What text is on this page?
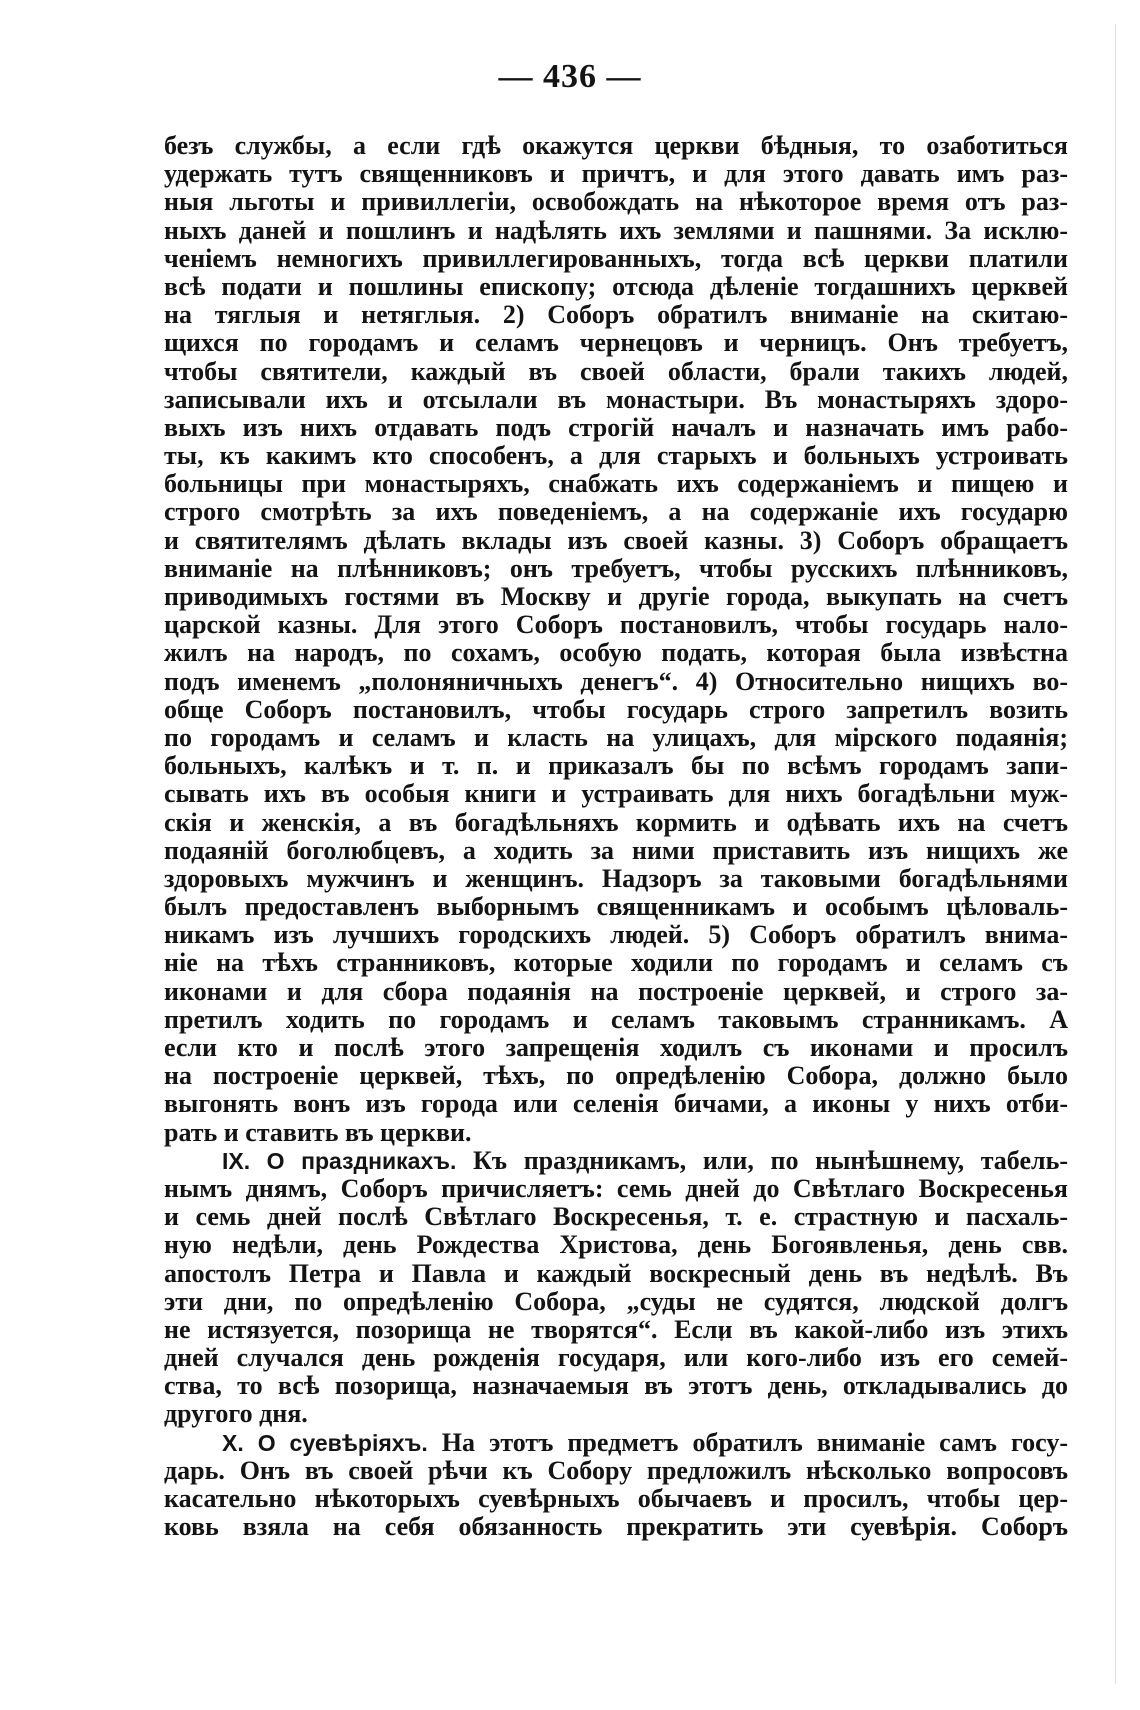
— 436 —
безъ службы, а если гдѣ окажутся церкви бѣдныя, то озаботиться
удержать тутъ священниковъ и причтъ, и для этого давать имъ раз-
ныя льготы и привиллегіи, освобождать на нѣкоторое время отъ раз-
ныхъ даней и пошлинъ и надѣлять ихъ землями и пашнями. За исклю-
ченіемъ немногихъ привиллегированныхъ, тогда всѣ церкви платили
всѣ подати и пошлины епископу; отсюда дѣленіе тогдашнихъ церквей
на тяглыя и нетяглыя. 2) Соборъ обратилъ вниманіе на скитаю-
щихся по городамъ и селамъ чернецовъ и черницъ. Онъ требуетъ,
чтобы святители, каждый въ своей области, брали такихъ людей,
записывали ихъ и отсылали въ монастыри. Въ монастыряхъ здоро-
выхъ изъ нихъ отдавать подъ строгій началъ и назначать имъ рабо-
ты, къ какимъ кто способенъ, а для старыхъ и больныхъ устроивать
больницы при монастыряхъ, снабжать ихъ содержаніемъ и пищею и
строго смотрѣть за ихъ поведеніемъ, а на содержаніе ихъ государю
и святителямъ дѣлать вклады изъ своей казны. 3) Соборъ обращаетъ
вниманіе на плѣнниковъ; онъ требуетъ, чтобы русскихъ плѣнниковъ,
приводимыхъ гостями въ Москву и другіе города, выкупать на счетъ
царской казны. Для этого Соборъ постановилъ, чтобы государь нало-
жилъ на народъ, по сохамъ, особую подать, которая была извѣстна
подъ именемъ „полоняничныхъ денегъ“. 4) Относительно нищихъ во-
обще Соборъ постановилъ, чтобы государь строго запретилъ возить
по городамъ и селамъ и класть на улицахъ, для мірского подаянія;
больныхъ, калѣкъ и т. п. и приказалъ бы по всѣмъ городамъ запи-
сывать ихъ въ особыя книги и устраивать для нихъ богадѣльни муж-
скія и женскія, а въ богадѣльняхъ кормить и одѣвать ихъ на счетъ
подаяній боголюбцевъ, а ходить за ними приставить изъ нищихъ же
здоровыхъ мужчинъ и женщинъ. Надзоръ за таковыми богадѣльнями
былъ предоставленъ выборнымъ священникамъ и особымъ цѣловаль-
никамъ изъ лучшихъ городскихъ людей. 5) Соборъ обратилъ внима-
ніе на тѣхъ странниковъ, которые ходили по городамъ и селамъ съ
иконами и для сбора подаянія на построеніе церквей, и строго за-
претилъ ходить по городамъ и селамъ таковымъ странникамъ. А
если кто и послѣ этого запрещенія ходилъ съ иконами и просилъ
на построеніе церквей, тѣхъ, по опредѣленію Собора, должно было
выгонять вонъ изъ города или селенія бичами, а иконы у нихъ отби-
рать и ставить въ церкви.
IX. О праздникахъ. Къ праздникамъ, или, по нынѣшнему, табель-
нымъ днямъ, Соборъ причисляетъ: семь дней до Свѣтлаго Воскресенья
и семь дней послѣ Свѣтлаго Воскресенья, т. е. страстную и пасхаль-
ную недѣли, день Рождества Христова, день Богоявленья, день свв.
апостолъ Петра и Павла и каждый воскресный день въ недѣлѣ. Въ
эти дни, по опредѣленію Собора, „суды не судятся, людской долгъ
не истязуется, позорища не творятся“. Если въ какой-либо изъ этихъ
дней случался день рожденія государя, или кого-либо изъ его семей-
ства, то всѣ позорища, назначаемыя въ этотъ день, откладывались до
другого дня.
X. О суевѣріяхъ. На этотъ предметъ обратилъ вниманіе самъ госу-
дарь. Онъ въ своей рѣчи къ Собору предложилъ нѣсколько вопросовъ
касательно нѣкоторыхъ суевѣрныхъ обычаевъ и просилъ, чтобы цер-
ковь взяла на себя обязанность прекратить эти суевѣрія. Соборъ
